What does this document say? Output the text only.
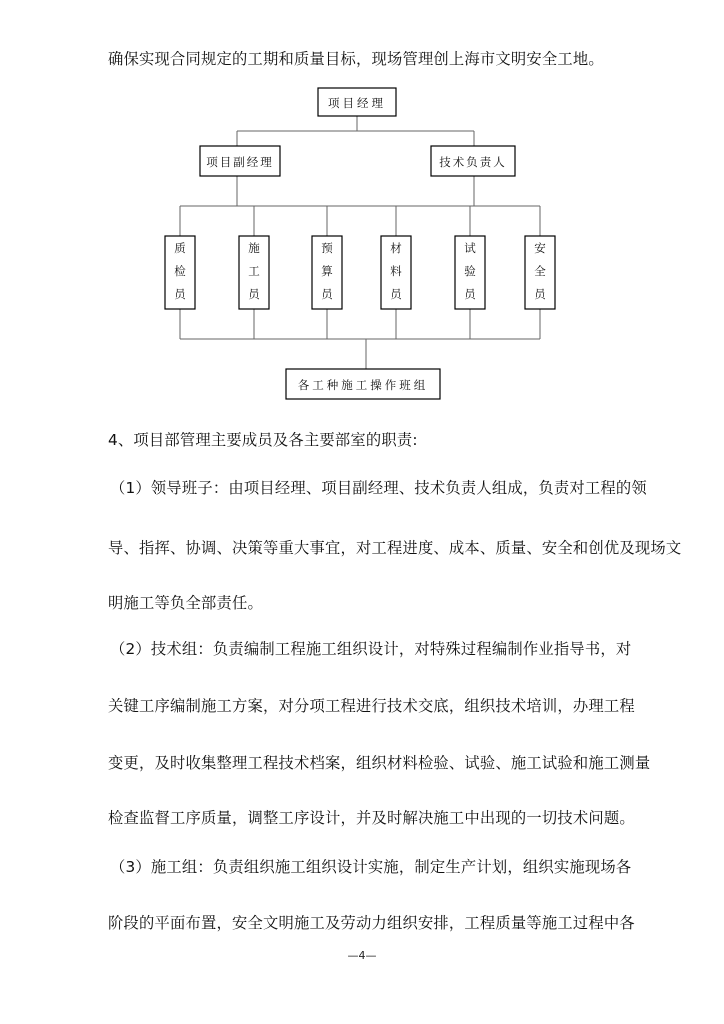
确保实现合同规定的工期和质量目标，现场管理创上海市文明安全工地。
项目经理
项目副经理	技术负责人
质检员
施工员
预算员
材料员
试验员
安全员
各工种施工操作班组
4、项目部管理主要成员及各主要部室的职责:
（1）领导班子：由项目经理、项目副经理、技术负责人组成，负责对工程的领
导、指挥、协调、决策等重大事宜，对工程进度、成本、质量、安全和创优及现场文
明施工等负全部责任。
（2）技术组：负责编制工程施工组织设计，对特殊过程编制作业指导书，对
关键工序编制施工方案，对分项工程进行技术交底，组织技术培训，办理工程
变更，及时收集整理工程技术档案，组织材料检验、试验、施工试验和施工测量
检查监督工序质量，调整工序设计，并及时解决施工中出现的一切技术问题。
（3）施工组：负责组织施工组织设计实施，制定生产计划，组织实施现场各
阶段的平面布置，安全文明施工及劳动力组织安排，工程质量等施工过程中各
—4—
